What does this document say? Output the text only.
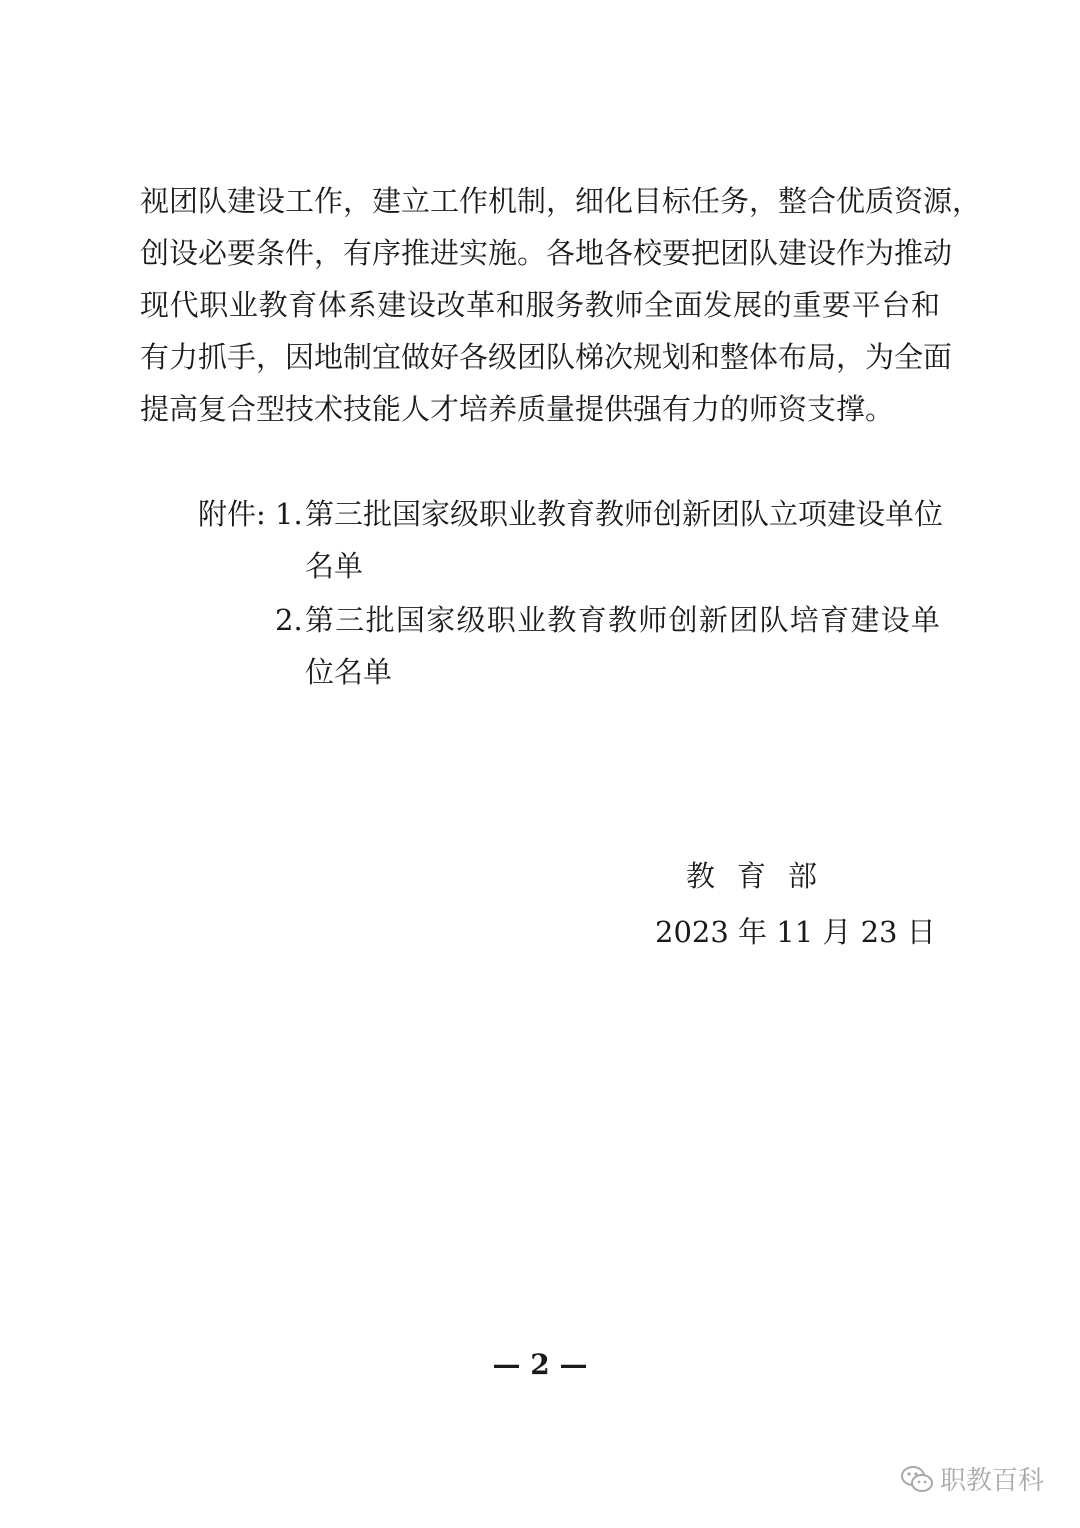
视团队建设工作，建立工作机制，细化目标任务，整合优质资源，
创设必要条件，有序推进实施。各地各校要把团队建设作为推动
现代职业教育体系建设改革和服务教师全面发展的重要平台和
有力抓手，因地制宜做好各级团队梯次规划和整体布局，为全面
提高复合型技术技能人才培养质量提供强有力的师资支撑。
附件: 1. 第三批国家级职业教育教师创新团队立项建设单位
名单
2. 第三批国家级职业教育教师创新团队培育建设单
位名单
教育部
2023 年 11 月 23 日
— 2 —
职教百科
